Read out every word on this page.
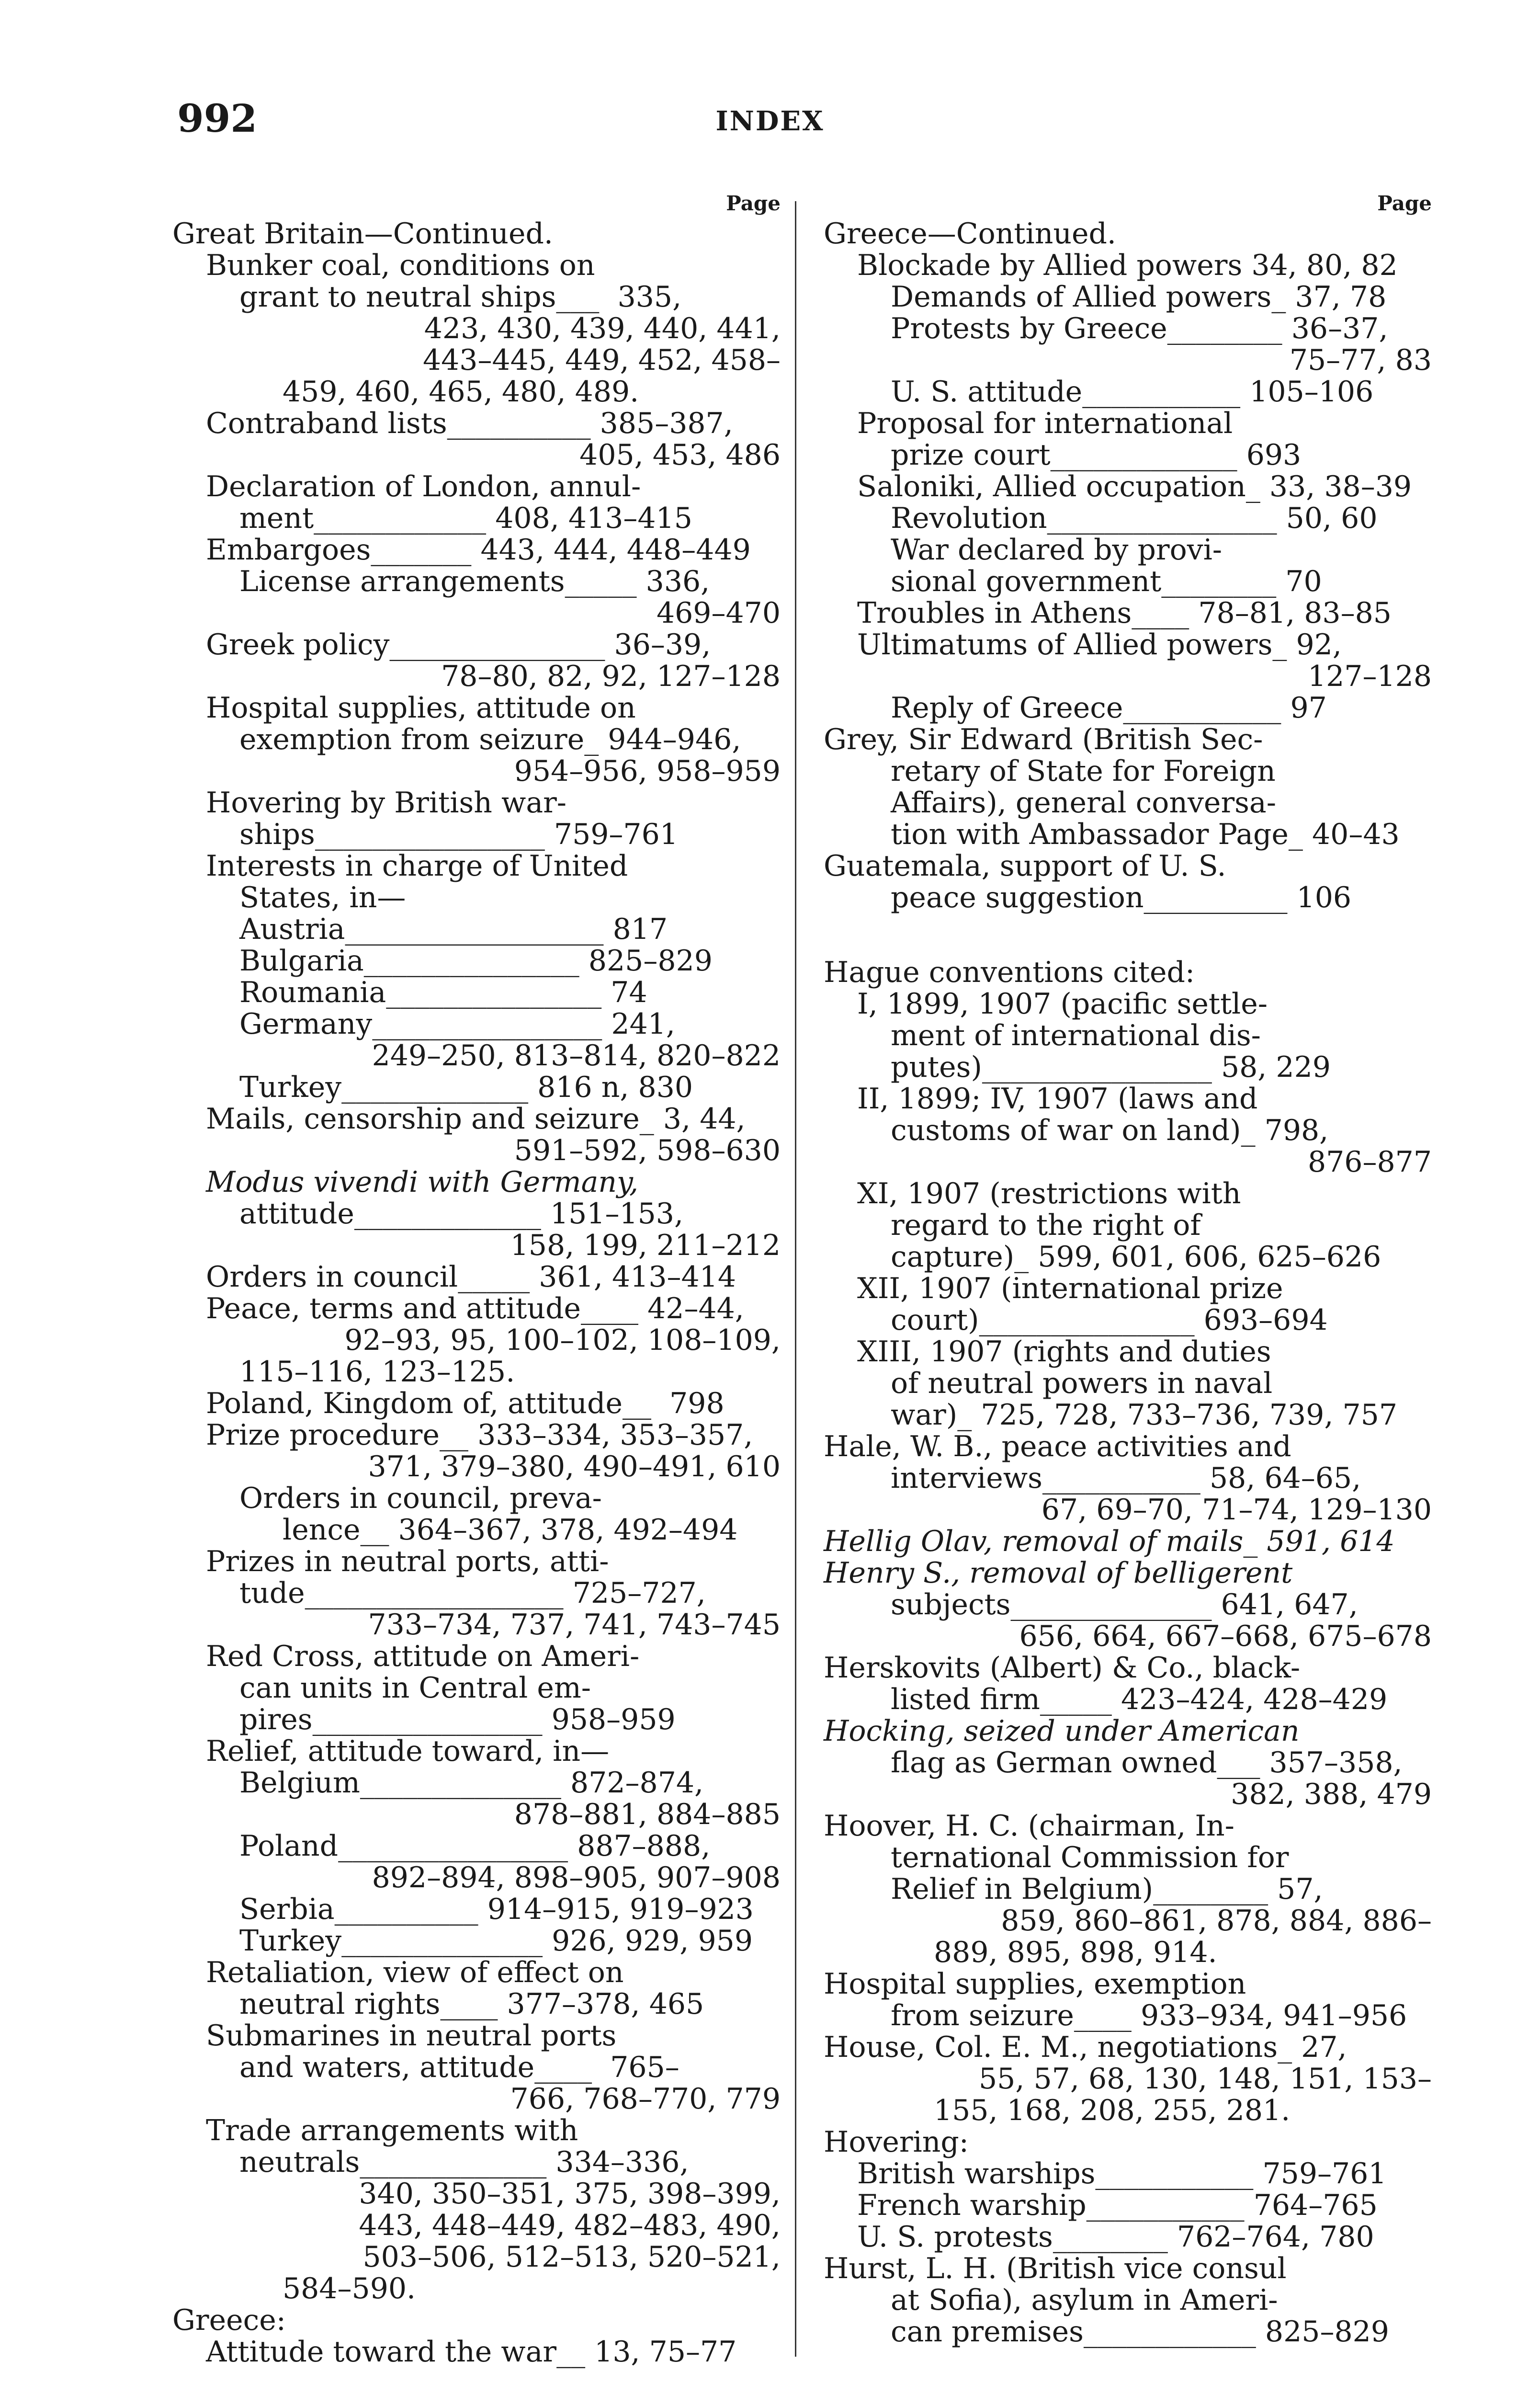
992	INDEX
Page
Great Britain—Continued.
Bunker coal, conditions on
grant to neutral ships___  335,
423, 430, 439, 440, 441,
443–445, 449, 452, 458–
459, 460, 465, 480, 489.
Contraband lists__________ 385–387,
405, 453, 486
Declaration of London, annul-
ment____________ 408, 413–415
Embargoes_______ 443, 444, 448–449
License arrangements_____ 336,
469–470
Greek policy_______________ 36–39,
78–80, 82, 92, 127–128
Hospital supplies, attitude on
exemption from seizure_ 944–946,
954–956, 958–959
Hovering by British war-
ships________________ 759–761
Interests in charge of United
States, in—
Austria__________________ 817
Bulgaria_______________ 825–829
Roumania_______________ 74
Germany________________ 241,
249–250, 813–814, 820–822
Turkey_____________ 816 n, 830
Mails, censorship and seizure_ 3, 44,
591–592, 598–630
Modus vivendi with Germany,
attitude_____________ 151–153,
158, 199, 211–212
Orders in council_____ 361, 413–414
Peace, terms and attitude____ 42–44,
92–93, 95, 100–102, 108–109,
115–116, 123–125.
Poland, Kingdom of, attitude__  798
Prize procedure__ 333–334, 353–357,
371, 379–380, 490–491, 610
Orders in council, preva-
lence__ 364–367, 378, 492–494
Prizes in neutral ports, atti-
tude__________________ 725–727,
733–734, 737, 741, 743–745
Red Cross, attitude on Ameri-
can units in Central em-
pires________________ 958–959
Relief, attitude toward, in—
Belgium______________ 872–874,
878–881, 884–885
Poland________________ 887–888,
892–894, 898–905, 907–908
Serbia__________ 914–915, 919–923
Turkey______________ 926, 929, 959
Retaliation, view of effect on
neutral rights____ 377–378, 465
Submarines in neutral ports
and waters, attitude____  765–
766, 768–770, 779
Trade arrangements with
neutrals_____________ 334–336,
340, 350–351, 375, 398–399,
443, 448–449, 482–483, 490,
503–506, 512–513, 520–521,
584–590.
Greece:
Attitude toward the war__ 13, 75–77
Page
Greece—Continued.
Blockade by Allied powers 34, 80, 82
Demands of Allied powers_ 37, 78
Protests by Greece________ 36–37,
75–77, 83
U. S. attitude___________ 105–106
Proposal for international
prize court_____________ 693
Saloniki, Allied occupation_ 33, 38–39
Revolution________________ 50, 60
War declared by provi-
sional government________ 70
Troubles in Athens____ 78–81, 83–85
Ultimatums of Allied powers_ 92,
127–128
Reply of Greece___________ 97
Grey, Sir Edward (British Sec-
retary of State for Foreign
Affairs), general conversa-
tion with Ambassador Page_ 40–43
Guatemala, support of U. S.
peace suggestion__________ 106
Hague conventions cited:
I, 1899, 1907 (pacific settle-
ment of international dis-
putes)________________ 58, 229
II, 1899; IV, 1907 (laws and
customs of war on land)_ 798,
876–877
XI, 1907 (restrictions with
regard to the right of
capture)_ 599, 601, 606, 625–626
XII, 1907 (international prize
court)_______________ 693–694
XIII, 1907 (rights and duties
of neutral powers in naval
war)_ 725, 728, 733–736, 739, 757
Hale, W. B., peace activities and
interviews___________ 58, 64–65,
67, 69–70, 71–74, 129–130
Hellig Olav, removal of mails_ 591, 614
Henry S., removal of belligerent
subjects______________ 641, 647,
656, 664, 667–668, 675–678
Herskovits (Albert) & Co., black-
listed firm_____ 423–424, 428–429
Hocking, seized under American
flag as German owned___ 357–358,
382, 388, 479
Hoover, H. C. (chairman, In-
ternational Commission for
Relief in Belgium)________ 57,
859, 860–861, 878, 884, 886–
889, 895, 898, 914.
Hospital supplies, exemption
from seizure____ 933–934, 941–956
House, Col. E. M., negotiations_ 27,
55, 57, 68, 130, 148, 151, 153–
155, 168, 208, 255, 281.
Hovering:
British warships___________ 759–761
French warship___________ 764–765
U. S. protests________ 762–764, 780
Hurst, L. H. (British vice consul
at Sofia), asylum in Ameri-
can premises____________ 825–829
